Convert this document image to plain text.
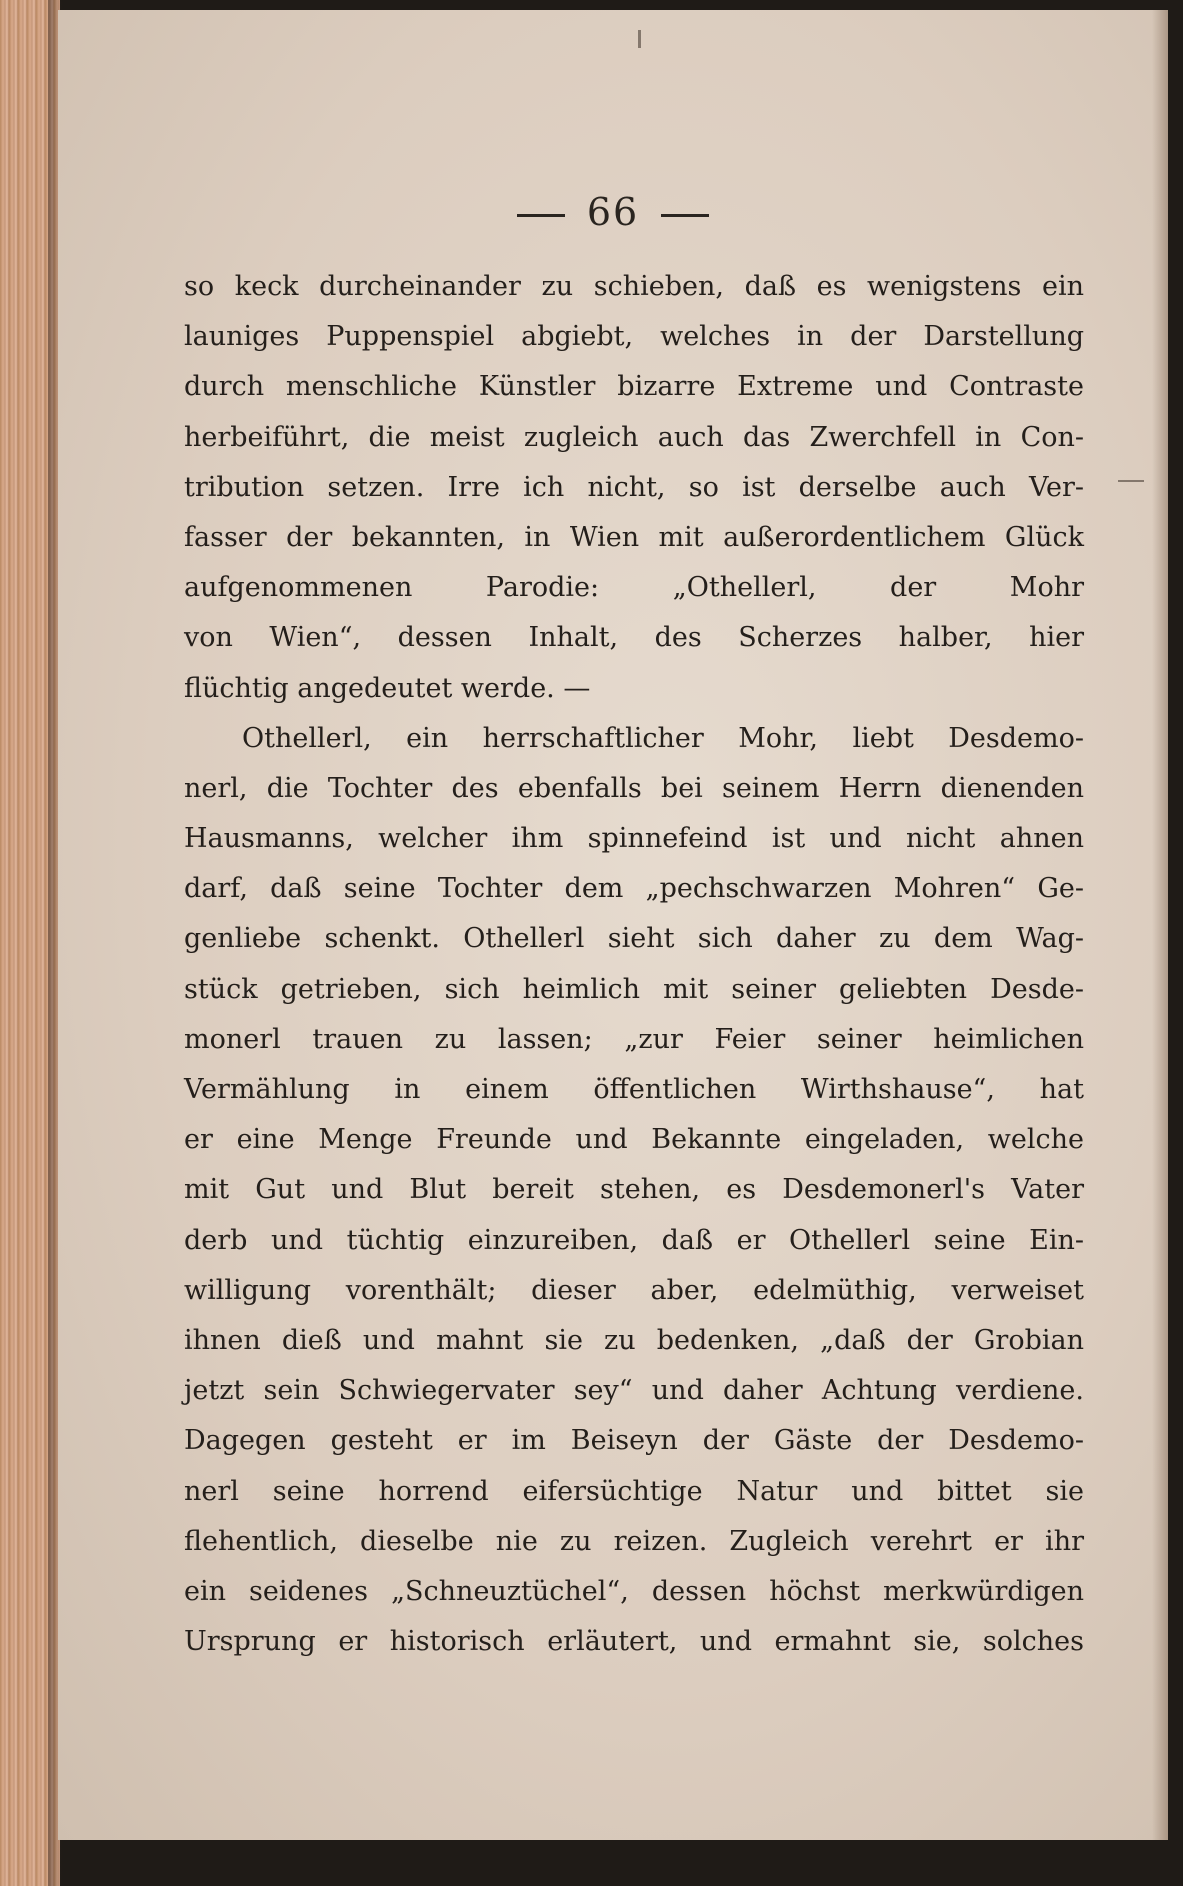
66
so keck durcheinander zu schieben, daß es wenigstens ein
launiges Puppenspiel abgiebt, welches in der Darstellung
durch menschliche Künstler bizarre Extreme und Contraste
herbeiführt, die meist zugleich auch das Zwerchfell in Con-
tribution setzen. Irre ich nicht, so ist derselbe auch Ver-
fasser der bekannten, in Wien mit außerordentlichem Glück
aufgenommenen Parodie: „Othellerl, der Mohr
von Wien“, dessen Inhalt, des Scherzes halber, hier
flüchtig angedeutet werde. —
Othellerl, ein herrschaftlicher Mohr, liebt Desdemo-
nerl, die Tochter des ebenfalls bei seinem Herrn dienenden
Hausmanns, welcher ihm spinnefeind ist und nicht ahnen
darf, daß seine Tochter dem „pechschwarzen Mohren“ Ge-
genliebe schenkt. Othellerl sieht sich daher zu dem Wag-
stück getrieben, sich heimlich mit seiner geliebten Desde-
monerl trauen zu lassen; „zur Feier seiner heimlichen
Vermählung in einem öffentlichen Wirthshause“, hat
er eine Menge Freunde und Bekannte eingeladen, welche
mit Gut und Blut bereit stehen, es Desdemonerl's Vater
derb und tüchtig einzureiben, daß er Othellerl seine Ein-
willigung vorenthält; dieser aber, edelmüthig, verweiset
ihnen dieß und mahnt sie zu bedenken, „daß der Grobian
jetzt sein Schwiegervater sey“ und daher Achtung verdiene.
Dagegen gesteht er im Beiseyn der Gäste der Desdemo-
nerl seine horrend eifersüchtige Natur und bittet sie
flehentlich, dieselbe nie zu reizen. Zugleich verehrt er ihr
ein seidenes „Schneuztüchel“, dessen höchst merkwürdigen
Ursprung er historisch erläutert, und ermahnt sie, solches
